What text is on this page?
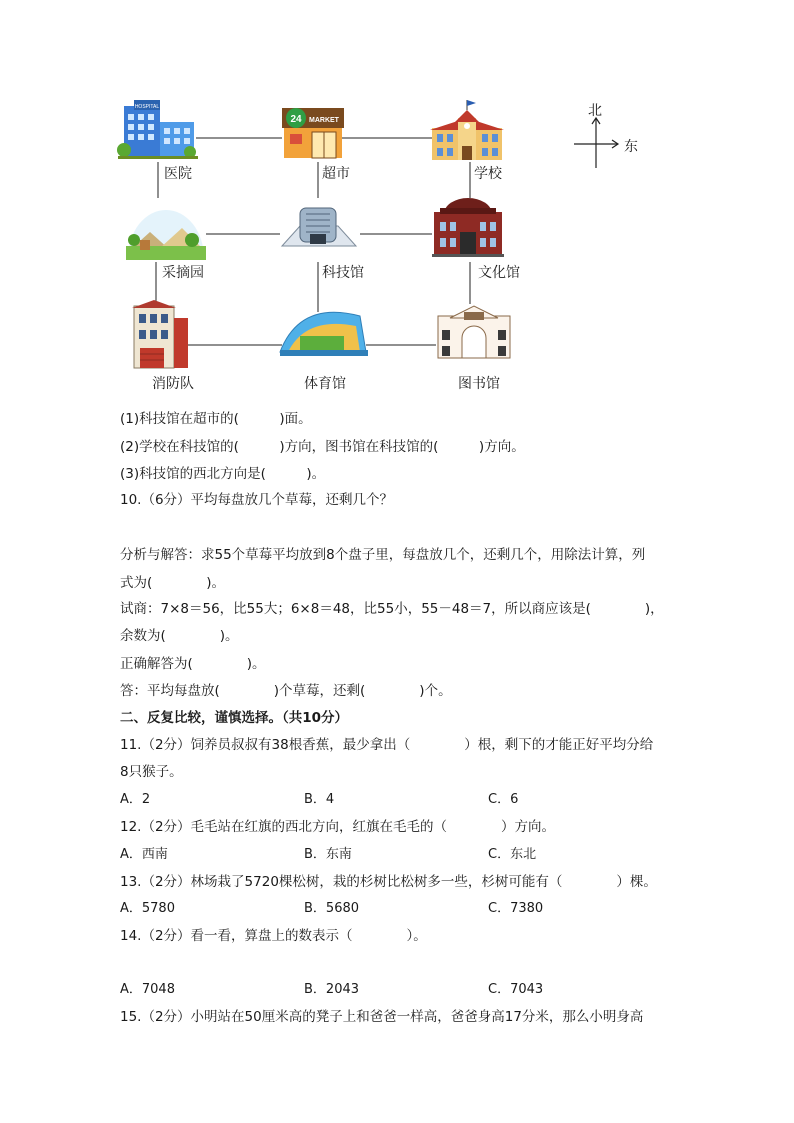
HOSPITAL
24 MARKET
北
东
医院	超市	学校
采摘园	科技馆	文化馆
消防队	体育馆	图书馆
(1)科技馆在超市的(　　　)面。
(2)学校在科技馆的(　　　)方向，图书馆在科技馆的(　　　)方向。
(3)科技馆的西北方向是(　　　)。
10.（6分）平均每盘放几个草莓，还剩几个？
分析与解答：求55个草莓平均放到8个盘子里，每盘放几个，还剩几个，用除法计算，列
式为(　　　　)。
试商：7×8＝56，比55大；6×8＝48，比55小，55－48＝7，所以商应该是(　　　　)，
余数为(　　　　)。
正确解答为(　　　　)。
答：平均每盘放(　　　　)个草莓，还剩(　　　　)个。
二、反复比较，谨慎选择。（共10分）
11.（2分）饲养员叔叔有38根香蕉，最少拿出（　　　　）根，剩下的才能正好平均分给
8只猴子。
A．2	B．4	C．6
12.（2分）毛毛站在红旗的西北方向，红旗在毛毛的（　　　　）方向。
A．西南	B．东南	C．东北
13.（2分）林场栽了5720棵松树，栽的杉树比松树多一些，杉树可能有（　　　　）棵。
A．5780	B．5680	C．7380
14.（2分）看一看，算盘上的数表示（　　　　）。
A．7048	B．2043	C．7043
15.（2分）小明站在50厘米高的凳子上和爸爸一样高，爸爸身高17分米，那么小明身高
